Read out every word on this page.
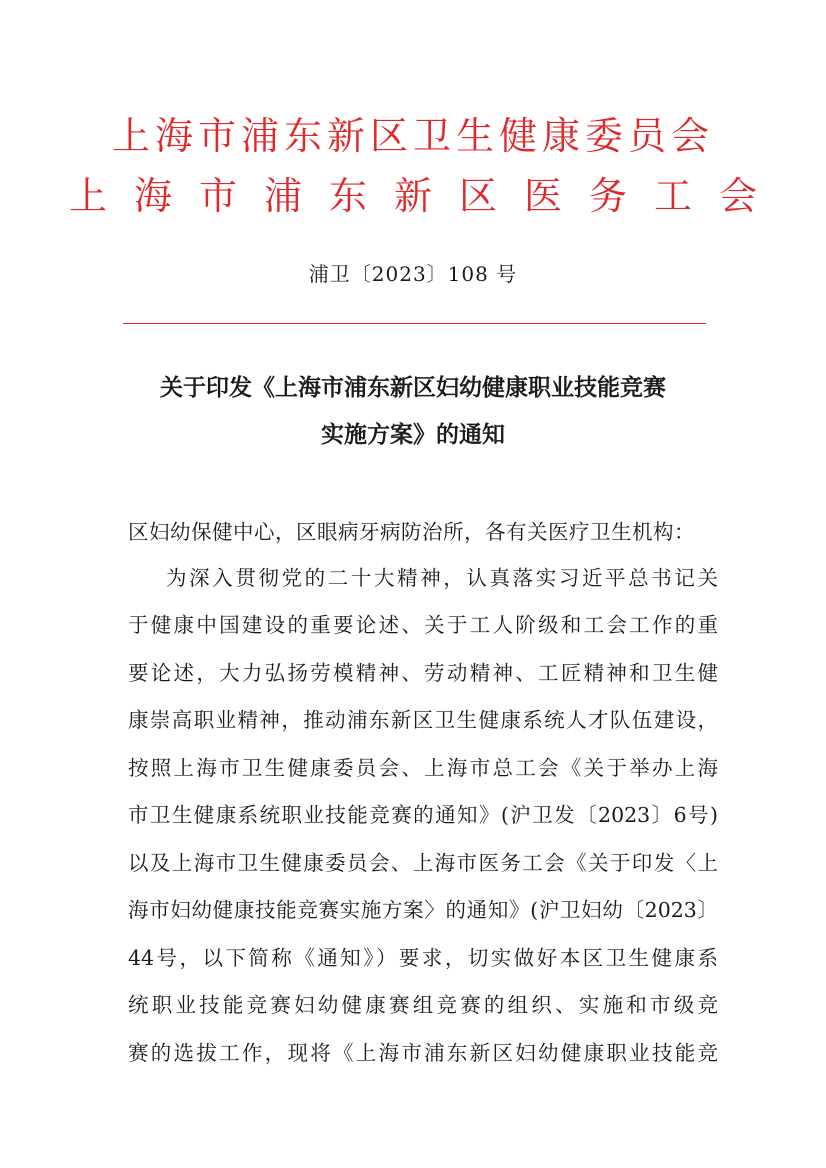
上海市浦东新区卫生健康委员会
上海市浦东新区医务工会
浦卫〔2023〕108 号
关于印发《上海市浦东新区妇幼健康职业技能竞赛
实施方案》的通知
区妇幼保健中心，区眼病牙病防治所，各有关医疗卫生机构：
为深入贯彻党的二十大精神，认真落实习近平总书记关
于健康中国建设的重要论述、关于工人阶级和工会工作的重
要论述，大力弘扬劳模精神、劳动精神、工匠精神和卫生健
康崇高职业精神，推动浦东新区卫生健康系统人才队伍建设，
按照上海市卫生健康委员会、上海市总工会《关于举办上海
市卫生健康系统职业技能竞赛的通知》(沪卫发〔2023〕6号)
以及上海市卫生健康委员会、上海市医务工会《关于印发〈上
海市妇幼健康技能竞赛实施方案〉的通知》(沪卫妇幼〔2023〕
44号，以下简称《通知》）要求，切实做好本区卫生健康系
统职业技能竞赛妇幼健康赛组竞赛的组织、实施和市级竞
赛的选拔工作，现将《上海市浦东新区妇幼健康职业技能竞
